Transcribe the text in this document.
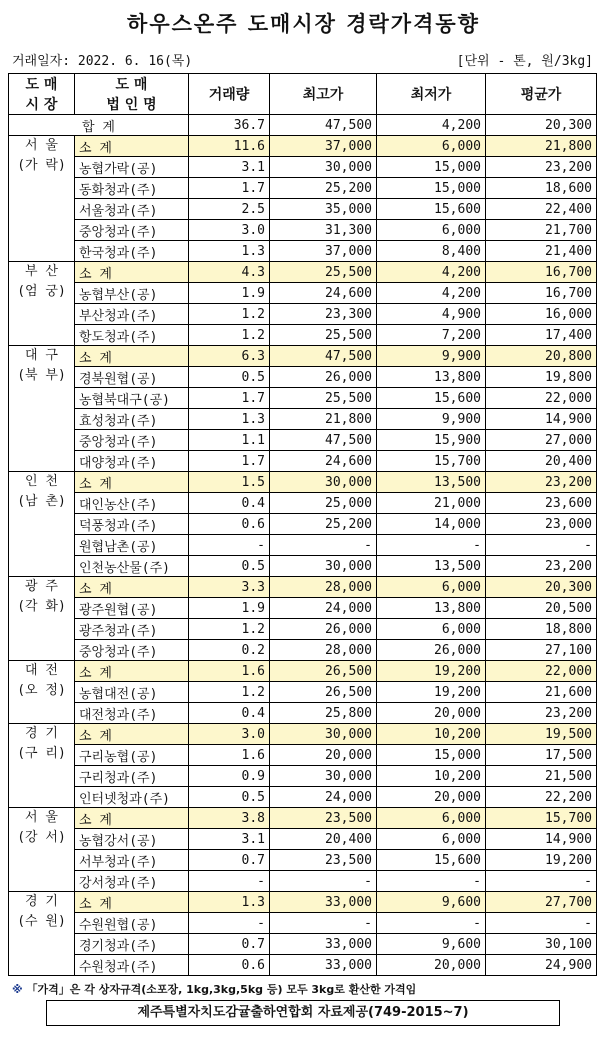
하우스온주 도매시장 경락가격동향
거래일자: 2022. 6. 16(목)	[단위 - 톤, 원/3kg]
도 매
시 장	도 매
법 인 명	거래량	최고가	최저가	평균가
합 계		36.7	47,500	4,200	20,300

서 울
(가 락)	소 계	11.6	37,000	6,000	21,800
	농협가락(공)	3.1	30,000	15,000	23,200
	동화청과(주)	1.7	25,200	15,000	18,600
	서울청과(주)	2.5	35,000	15,600	22,400
	중앙청과(주)	3.0	31,300	6,000	21,700
	한국청과(주)	1.3	37,000	8,400	21,400

부 산
(엄 궁)	소 계	4.3	25,500	4,200	16,700
	농협부산(공)	1.9	24,600	4,200	16,700
	부산청과(주)	1.2	23,300	4,900	16,000
	항도청과(주)	1.2	25,500	7,200	17,400

대 구
(북 부)	소 계	6.3	47,500	9,900	20,800
	경북원협(공)	0.5	26,000	13,800	19,800
	농협북대구(공)	1.7	25,500	15,600	22,000
	효성청과(주)	1.3	21,800	9,900	14,900
	중앙청과(주)	1.1	47,500	15,900	27,000
	대양청과(주)	1.7	24,600	15,700	20,400

인 천
(남 촌)	소 계	1.5	30,000	13,500	23,200
	대인농산(주)	0.4	25,000	21,000	23,600
	덕풍청과(주)	0.6	25,200	14,000	23,000
	원협남촌(공)	-	-	-	-
	인천농산물(주)	0.5	30,000	13,500	23,200

광 주
(각 화)	소 계	3.3	28,000	6,000	20,300
	광주원협(공)	1.9	24,000	13,800	20,500
	광주청과(주)	1.2	26,000	6,000	18,800
	중앙청과(주)	0.2	28,000	26,000	27,100

대 전
(오 정)	소 계	1.6	26,500	19,200	22,000
	농협대전(공)	1.2	26,500	19,200	21,600
	대전청과(주)	0.4	25,800	20,000	23,200

경 기
(구 리)	소 계	3.0	30,000	10,200	19,500
	구리농협(공)	1.6	20,000	15,000	17,500
	구리청과(주)	0.9	30,000	10,200	21,500
	인터넷청과(주)	0.5	24,000	20,000	22,200

서 울
(강 서)	소 계	3.8	23,500	6,000	15,700
	농협강서(공)	3.1	20,400	6,000	14,900
	서부청과(주)	0.7	23,500	15,600	19,200
	강서청과(주)	-	-	-	-

경 기
(수 원)	소 계	1.3	33,000	9,600	27,700
	수원원협(공)	-	-	-	-
	경기청과(주)	0.7	33,000	9,600	30,100
	수원청과(주)	0.6	33,000	20,000	24,900
※ 「가격」은 각 상자규격(소포장, 1kg,3kg,5kg 등) 모두 3kg로 환산한 가격임
제주특별자치도감귤출하연합회 자료제공(749-2015~7)
